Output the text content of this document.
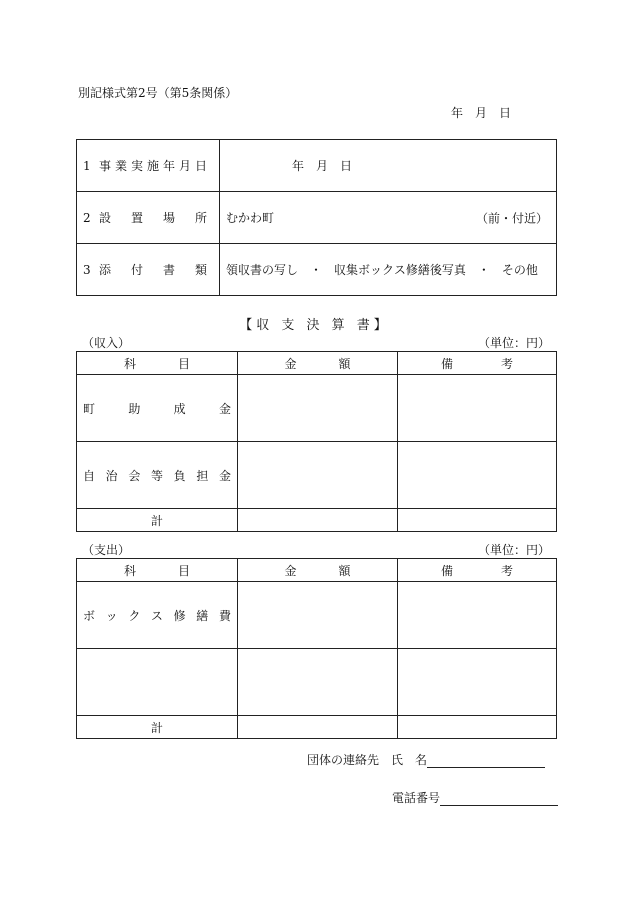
別記様式第2号（第5条関係）
年　月　日
1 事業実施年月日	年　月　日
2 設置場所	むかわ町 （前・付近）

3 添付書類	領収書の写し　・　収集ボックス修繕後写真　・　その他
【収 支 決 算 書】
（収入）	（単位：円）
科目	金額	備考

町助成金		

自治会等負担金		

計		
（支出）	（単位：円）
科目	金額	備考

ボックス修繕費		

計		
団体の連絡先　 氏　名
電話番号
